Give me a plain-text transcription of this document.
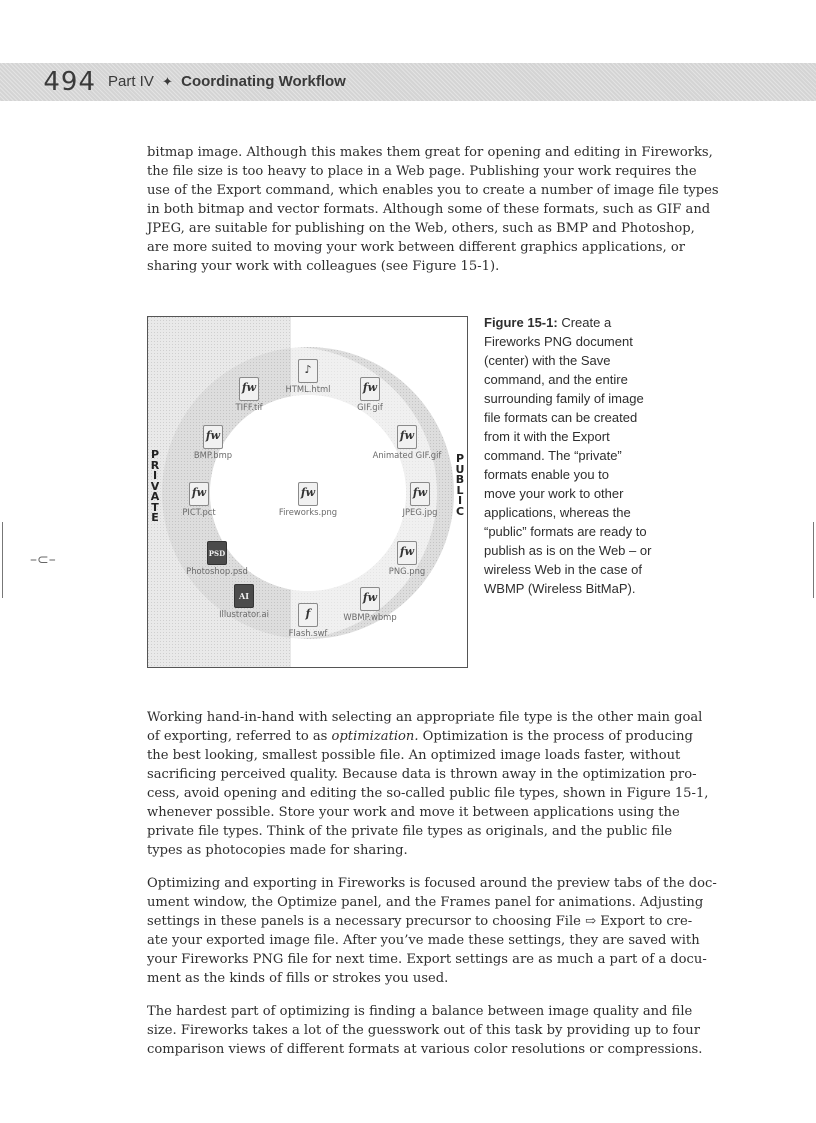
494 Part IV ✦ Coordinating Workflow

bitmap image. Although this makes them great for opening and editing in Fireworks,
the file size is too heavy to place in a Web page. Publishing your work requires the
use of the Export command, which enables you to create a number of image file types
in both bitmap and vector formats. Although some of these formats, such as GIF and
JPEG, are suitable for publishing on the Web, others, such as BMP and Photoshop,
are more suited to moving your work between different graphics applications, or
sharing your work with colleagues (see Figure 15-1).

P
R
I
V
A
T
E
P
U
B
L
I
C
♪
HTML.html
fw
TIFF.tif
fw
GIF.gif
fw
BMP.bmp
fw
Animated GIF.gif
fw
PICT.pct
fw
Fireworks.png
fw
JPEG.jpg
PSD
Photoshop.psd
fw
PNG.png
AI
Illustrator.ai
fw
WBMP.wbmp
f
Flash.swf
Figure 15-1: Create a
Fireworks PNG document
(center) with the Save
command, and the entire
surrounding family of image
file formats can be created
from it with the Export
command. The “private”
formats enable you to
move your work to other
applications, whereas the
“public” formats are ready to
publish as is on the Web – or
wireless Web in the case of
WBMP (Wireless BitMaP).

Working hand-in-hand with selecting an appropriate file type is the other main goal
of exporting, referred to as optimization. Optimization is the process of producing
the best looking, smallest possible file. An optimized image loads faster, without
sacrificing perceived quality. Because data is thrown away in the optimization pro-
cess, avoid opening and editing the so-called public file types, shown in Figure 15-1,
whenever possible. Store your work and move it between applications using the
private file types. Think of the private file types as originals, and the public file
types as photocopies made for sharing.

Optimizing and exporting in Fireworks is focused around the preview tabs of the doc-
ument window, the Optimize panel, and the Frames panel for animations. Adjusting
settings in these panels is a necessary precursor to choosing File ⇨ Export to cre-
ate your exported image file. After you’ve made these settings, they are saved with
your Fireworks PNG file for next time. Export settings are as much a part of a docu-
ment as the kinds of fills or strokes you used.

The hardest part of optimizing is finding a balance between image quality and file
size. Fireworks takes a lot of the guesswork out of this task by providing up to four
comparison views of different formats at various color resolutions or compressions.

–⊂–
